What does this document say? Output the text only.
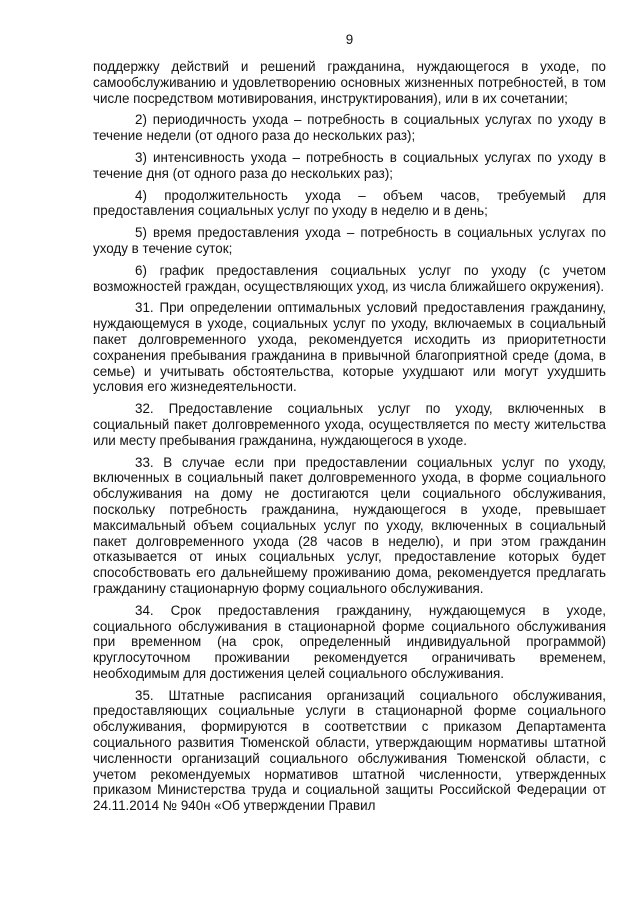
9

поддержку действий и решений гражданина, нуждающегося в уходе, по самообслуживанию и удовлетворению основных жизненных потребностей, в том числе посредством мотивирования, инструктирования), или в их сочетании;

2) периодичность ухода – потребность в социальных услугах по уходу в течение недели (от одного раза до нескольких раз);

3) интенсивность ухода – потребность в социальных услугах по уходу в течение дня (от одного раза до нескольких раз);

4) продолжительность ухода – объем часов, требуемый для предоставления социальных услуг по уходу в неделю и в день;

5) время предоставления ухода – потребность в социальных услугах по уходу в течение суток;

6) график предоставления социальных услуг по уходу (с учетом возможностей граждан, осуществляющих уход, из числа ближайшего окружения).

31. При определении оптимальных условий предоставления гражданину, нуждающемуся в уходе, социальных услуг по уходу, включаемых в социальный пакет долговременного ухода, рекомендуется исходить из приоритетности сохранения пребывания гражданина в привычной благоприятной среде (дома, в семье) и учитывать обстоятельства, которые ухудшают или могут ухудшить условия его жизнедеятельности.

32. Предоставление социальных услуг по уходу, включенных в социальный пакет долговременного ухода, осуществляется по месту жительства или месту пребывания гражданина, нуждающегося в уходе.

33. В случае если при предоставлении социальных услуг по уходу, включенных в социальный пакет долговременного ухода, в форме социального обслуживания на дому не достигаются цели социального обслуживания, поскольку потребность гражданина, нуждающегося в уходе, превышает максимальный объем социальных услуг по уходу, включенных в социальный пакет долговременного ухода (28 часов в неделю), и при этом гражданин отказывается от иных социальных услуг, предоставление которых будет способствовать его дальнейшему проживанию дома, рекомендуется предлагать гражданину стационарную форму социального обслуживания.

34. Срок предоставления гражданину, нуждающемуся в уходе, социального обслуживания в стационарной форме социального обслуживания при временном (на срок, определенный индивидуальной программой) круглосуточном проживании рекомендуется ограничивать временем, необходимым для достижения целей социального обслуживания.

35. Штатные расписания организаций социального обслуживания, предоставляющих социальные услуги в стационарной форме социального обслуживания, формируются в соответствии с приказом Департамента социального развития Тюменской области, утверждающим нормативы штатной численности организаций социального обслуживания Тюменской области, с учетом рекомендуемых нормативов штатной численности, утвержденных приказом Министерства труда и социальной защиты Российской Федерации от 24.11.2014 № 940н «Об утверждении Правил
